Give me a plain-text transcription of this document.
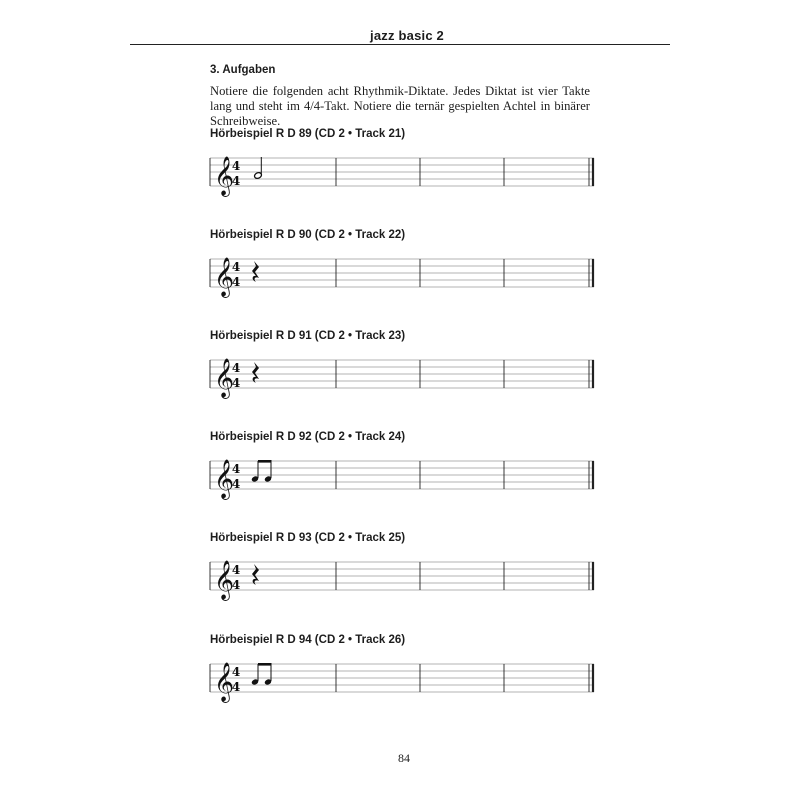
jazz basic 2
3. Aufgaben

Notiere die folgenden acht Rhythmik-Diktate. Jedes Diktat ist vier Takte lang und steht im 4/4-Takt. Notiere die ternär gespielten Achtel in binärer Schreibweise.

Hörbeispiel R D 89 (CD 2 • Track 21)
𝄞
4
4
Hörbeispiel R D 90 (CD 2 • Track 22)
𝄞
4
4
Hörbeispiel R D 91 (CD 2 • Track 23)
𝄞
4
4
Hörbeispiel R D 92 (CD 2 • Track 24)
𝄞
4
4
Hörbeispiel R D 93 (CD 2 • Track 25)
𝄞
4
4
Hörbeispiel R D 94 (CD 2 • Track 26)
𝄞
4
4
84
